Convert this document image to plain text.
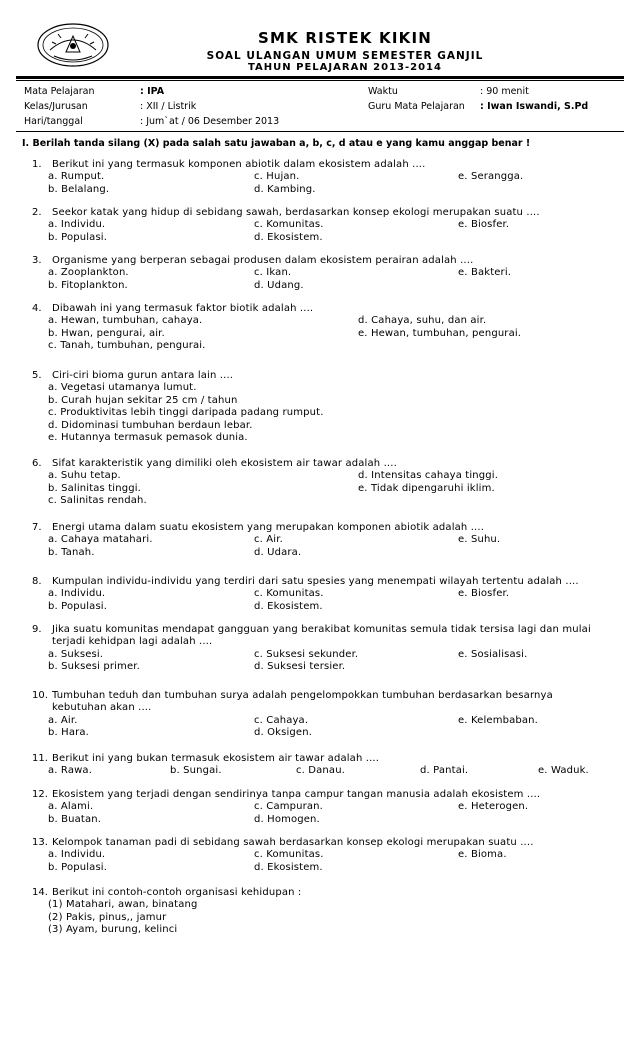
SMK RISTEK KIKIN
SOAL ULANGAN UMUM SEMESTER GANJIL
TAHUN PELAJARAN 2013-2014
Mata Pelajaran	: IPA
Kelas/Jurusan	: XII / Listrik
Hari/tanggal	: Jum`at / 06 Desember 2013
Waktu	: 90 menit
Guru Mata Pelajaran : Iwan Iswandi, S.Pd
I. Berilah tanda silang (X) pada salah satu jawaban a, b, c, d atau e yang kamu anggap benar !
1. Berikut ini yang termasuk komponen abiotik dalam ekosistem adalah ....
a. Rumput.	c. Hujan.	e. Serangga.
b. Belalang.	d. Kambing.
2. Seekor katak yang hidup di sebidang sawah, berdasarkan konsep ekologi merupakan suatu ....
a. Individu.	c. Komunitas.	e. Biosfer.
b. Populasi.	d. Ekosistem.
3. Organisme yang berperan sebagai produsen dalam ekosistem perairan adalah ....
a. Zooplankton.	c. Ikan.	e. Bakteri.
b. Fitoplankton.	d. Udang.
4. Dibawah ini yang termasuk faktor biotik adalah ....
a. Hewan, tumbuhan, cahaya.	d. Cahaya, suhu, dan air.
b. Hwan, pengurai, air.	e. Hewan, tumbuhan, pengurai.
c. Tanah, tumbuhan, pengurai.
5. Ciri-ciri bioma gurun antara lain ....
a. Vegetasi utamanya lumut.
b. Curah hujan sekitar 25 cm / tahun
c. Produktivitas lebih tinggi daripada padang rumput.
d. Didominasi tumbuhan berdaun lebar.
e. Hutannya termasuk pemasok dunia.
6. Sifat karakteristik yang dimiliki oleh ekosistem air tawar adalah ....
a. Suhu tetap.	d. Intensitas cahaya tinggi.
b. Salinitas tinggi.	e. Tidak dipengaruhi iklim.
c. Salinitas rendah.
7. Energi utama dalam suatu ekosistem yang merupakan komponen abiotik adalah ....
a. Cahaya matahari.	c. Air.	e. Suhu.
b. Tanah.	d. Udara.
8. Kumpulan individu-individu yang terdiri dari satu spesies yang menempati wilayah tertentu adalah ....
a. Individu.	c. Komunitas.	e. Biosfer.
b. Populasi.	d. Ekosistem.
9. Jika suatu komunitas mendapat gangguan yang berakibat komunitas semula tidak tersisa lagi dan mulai
terjadi kehidpan lagi adalah ....
a. Suksesi.	c. Suksesi sekunder.	e. Sosialisasi.
b. Suksesi primer.	d. Suksesi tersier.
10. Tumbuhan teduh dan tumbuhan surya adalah pengelompokkan tumbuhan berdasarkan besarnya
kebutuhan akan ....
a. Air.	c. Cahaya.	e. Kelembaban.
b. Hara.	d. Oksigen.
11. Berikut ini yang bukan termasuk ekosistem air tawar adalah ....
a. Rawa.	b. Sungai.	c. Danau.	d. Pantai.	e. Waduk.
12. Ekosistem yang terjadi dengan sendirinya tanpa campur tangan manusia adalah ekosistem ....
a. Alami.	c. Campuran.	e. Heterogen.
b. Buatan.	d. Homogen.
13. Kelompok tanaman padi di sebidang sawah berdasarkan konsep ekologi merupakan suatu ....
a. Individu.	c. Komunitas.	e. Bioma.
b. Populasi.	d. Ekosistem.
14. Berikut ini contoh-contoh organisasi kehidupan :
(1) Matahari, awan, binatang
(2) Pakis, pinus,, jamur
(3) Ayam, burung, kelinci
